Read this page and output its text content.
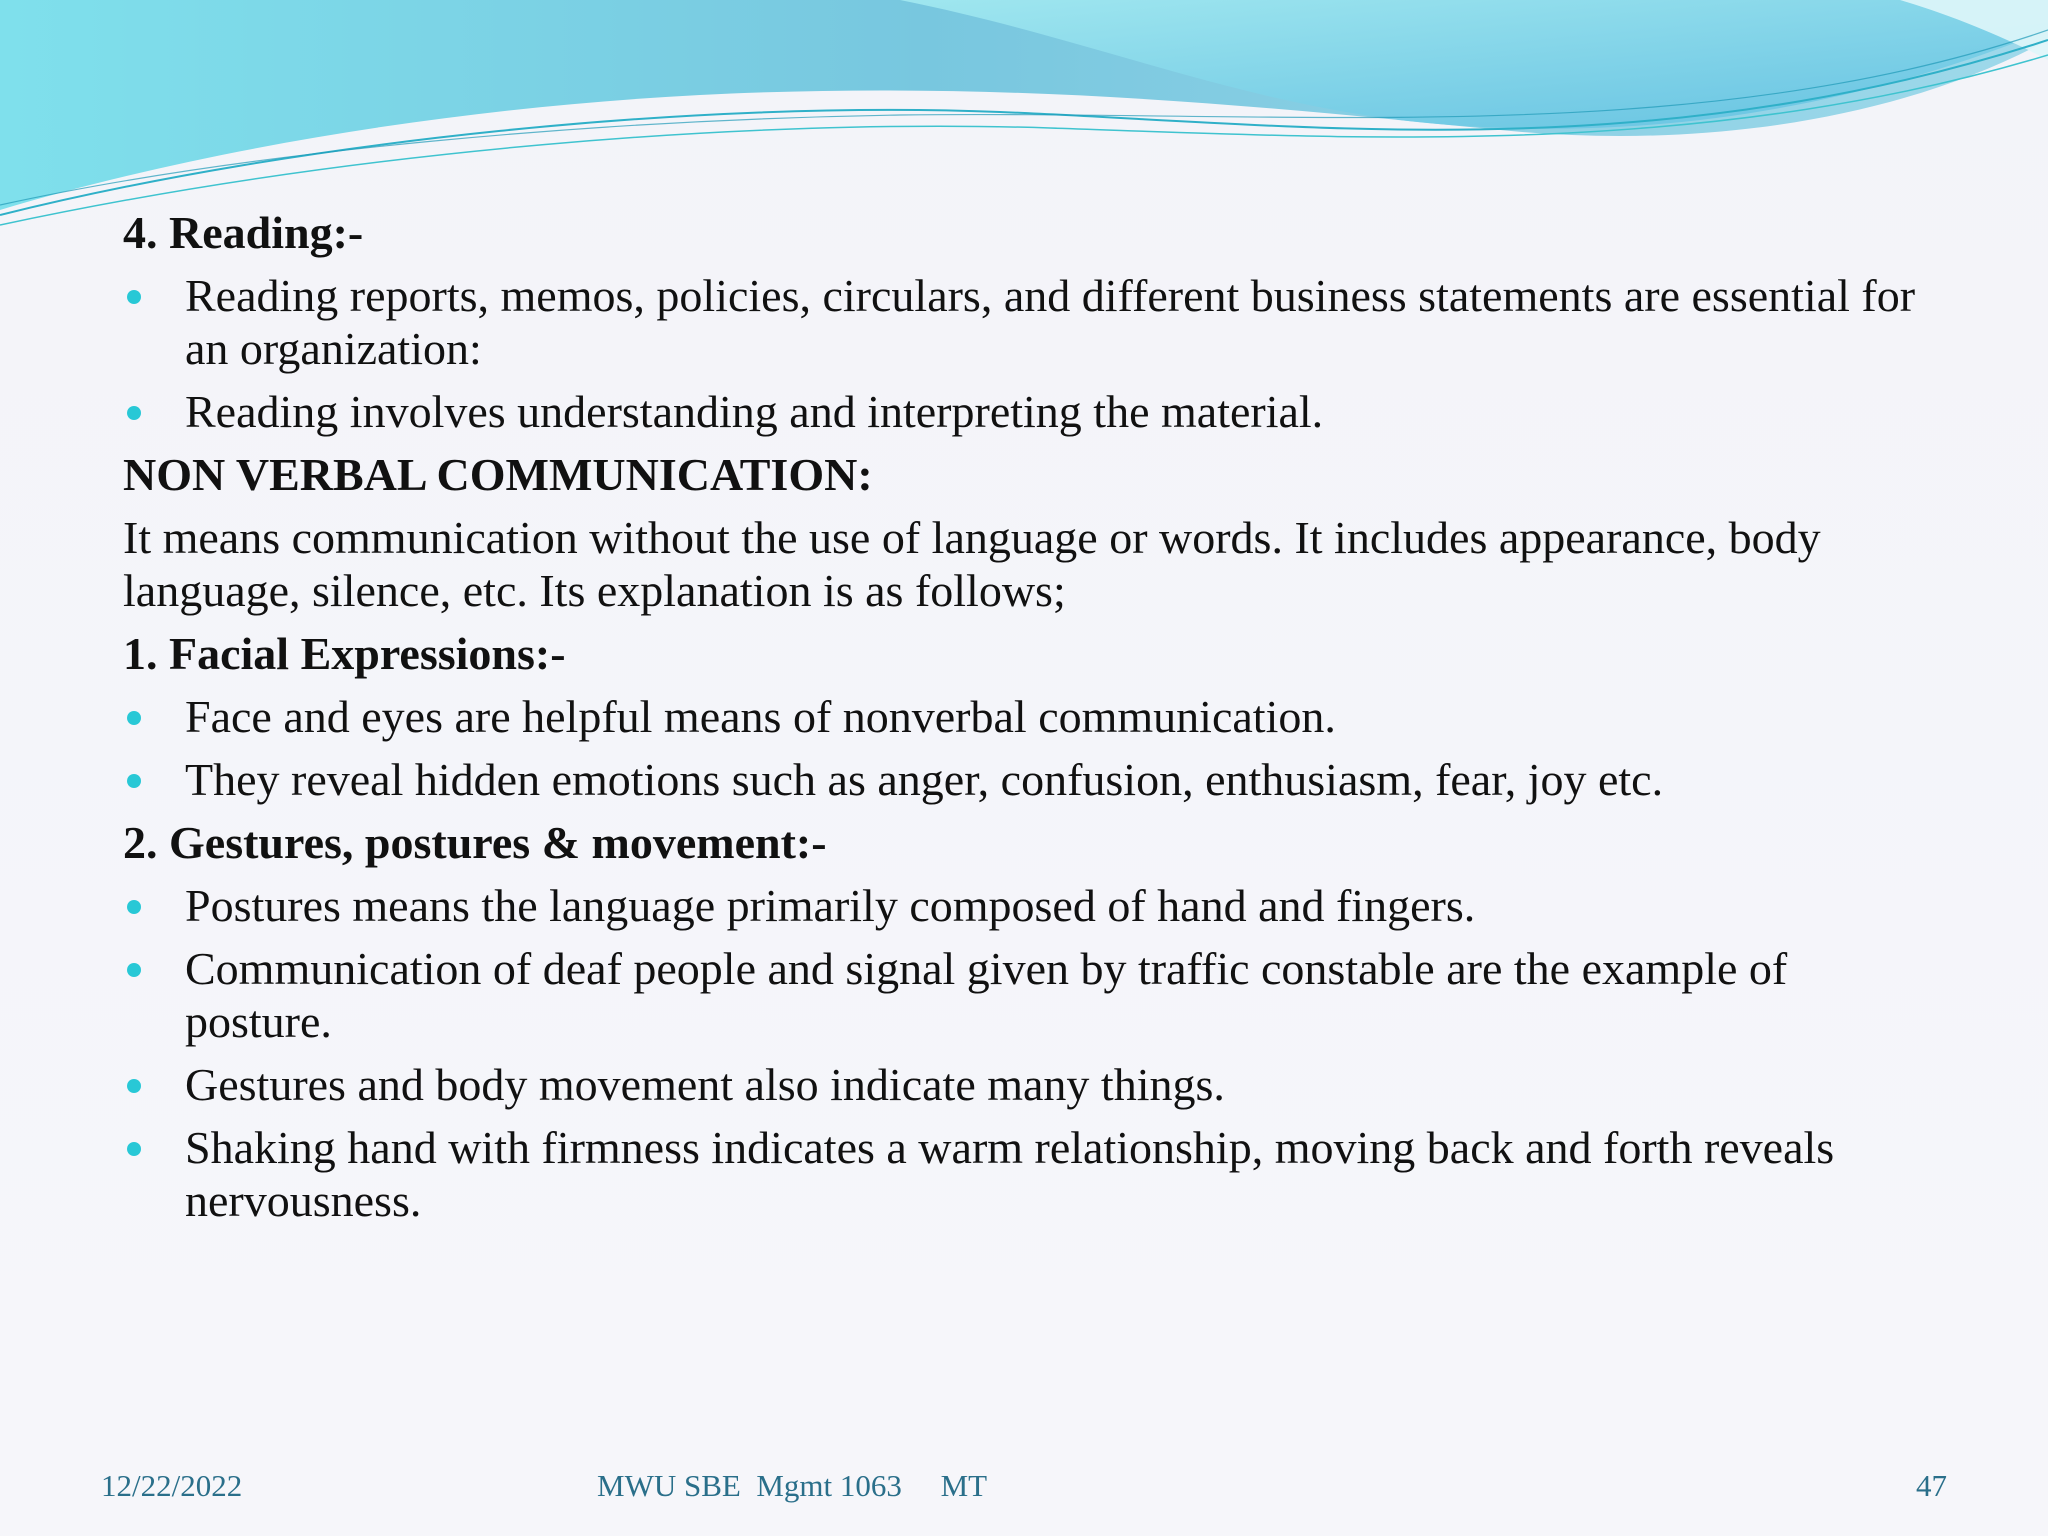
4. Reading:-
Reading reports, memos, policies, circulars, and different business statements are essential for an organization:
Reading involves understanding and interpreting the material.
NON VERBAL COMMUNICATION:
It means communication without the use of language or words. It includes appearance, body language, silence, etc. Its explanation is as follows;
1. Facial Expressions:-
Face and eyes are helpful means of nonverbal communication.
They reveal hidden emotions such as anger, confusion, enthusiasm, fear, joy etc.
2. Gestures, postures & movement:-
Postures means the language primarily composed of hand and fingers.
Communication of deaf people and signal given by traffic constable are the example of posture.
Gestures and body movement also indicate many things.
Shaking hand with firmness indicates a warm relationship, moving back and forth reveals nervousness.
12/22/2022	MWU SBE  Mgmt 1063     MT	47
